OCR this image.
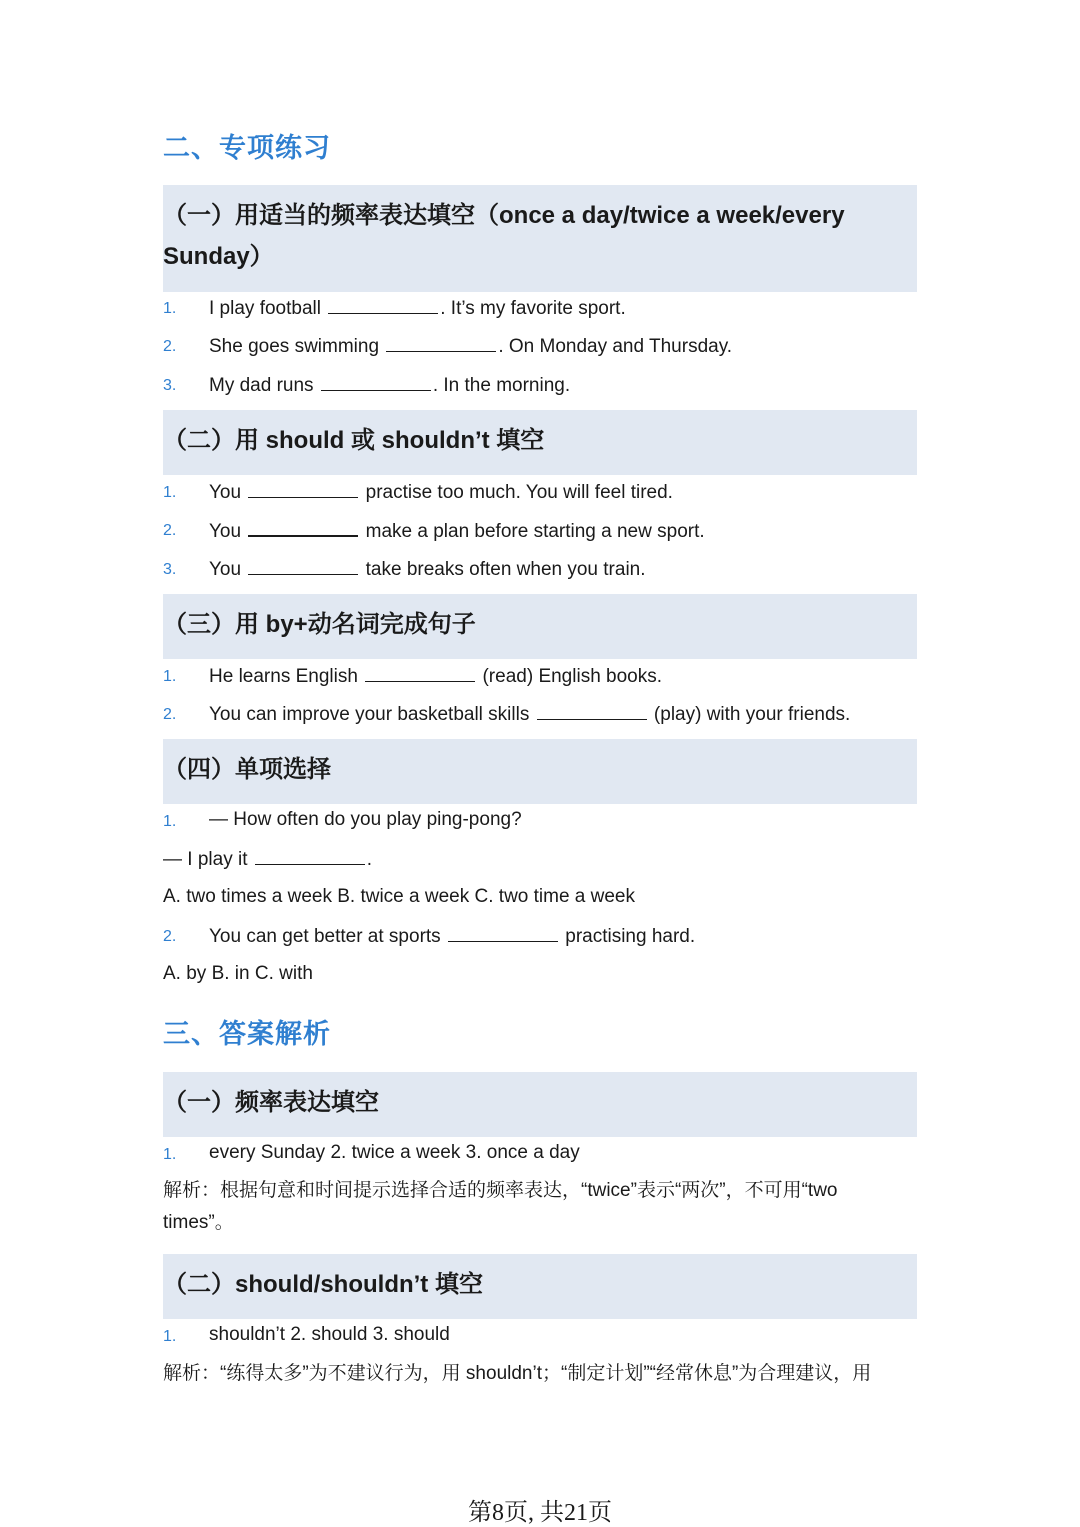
二、专项练习
（一）用适当的频率表达填空（once a day/twice a week/every Sunday）
1. I play football	. It’s my favorite sport.
2. She goes swimming	. On Monday and Thursday.
3. My dad runs	. In the morning.
（二）用 should 或 shouldn’t 填空
1. You	practise too much. You will feel tired.
2. You	make a plan before starting a new sport.
3. You	take breaks often when you train.
（三）用 by+动名词完成句子
1. He learns English	(read) English books.
2. You can improve your basketball skills	(play) with your friends.
（四）单项选择
1. — How often do you play ping-pong?
— I play it	.
A. two times a week B. twice a week C. two time a week
2. You can get better at sports	practising hard.
A. by B. in C. with
三、答案解析
（一）频率表达填空
1. every Sunday 2. twice a week 3. once a day
解析：根据句意和时间提示选择合适的频率表达，“twice”表示“两次”，不可用“two times”。
（二）should/shouldn’t 填空
1. shouldn’t 2. should 3. should
解析：“练得太多”为不建议行为，用 shouldn’t；“制定计划”“经常休息”为合理建议，用
第8页, 共21页
